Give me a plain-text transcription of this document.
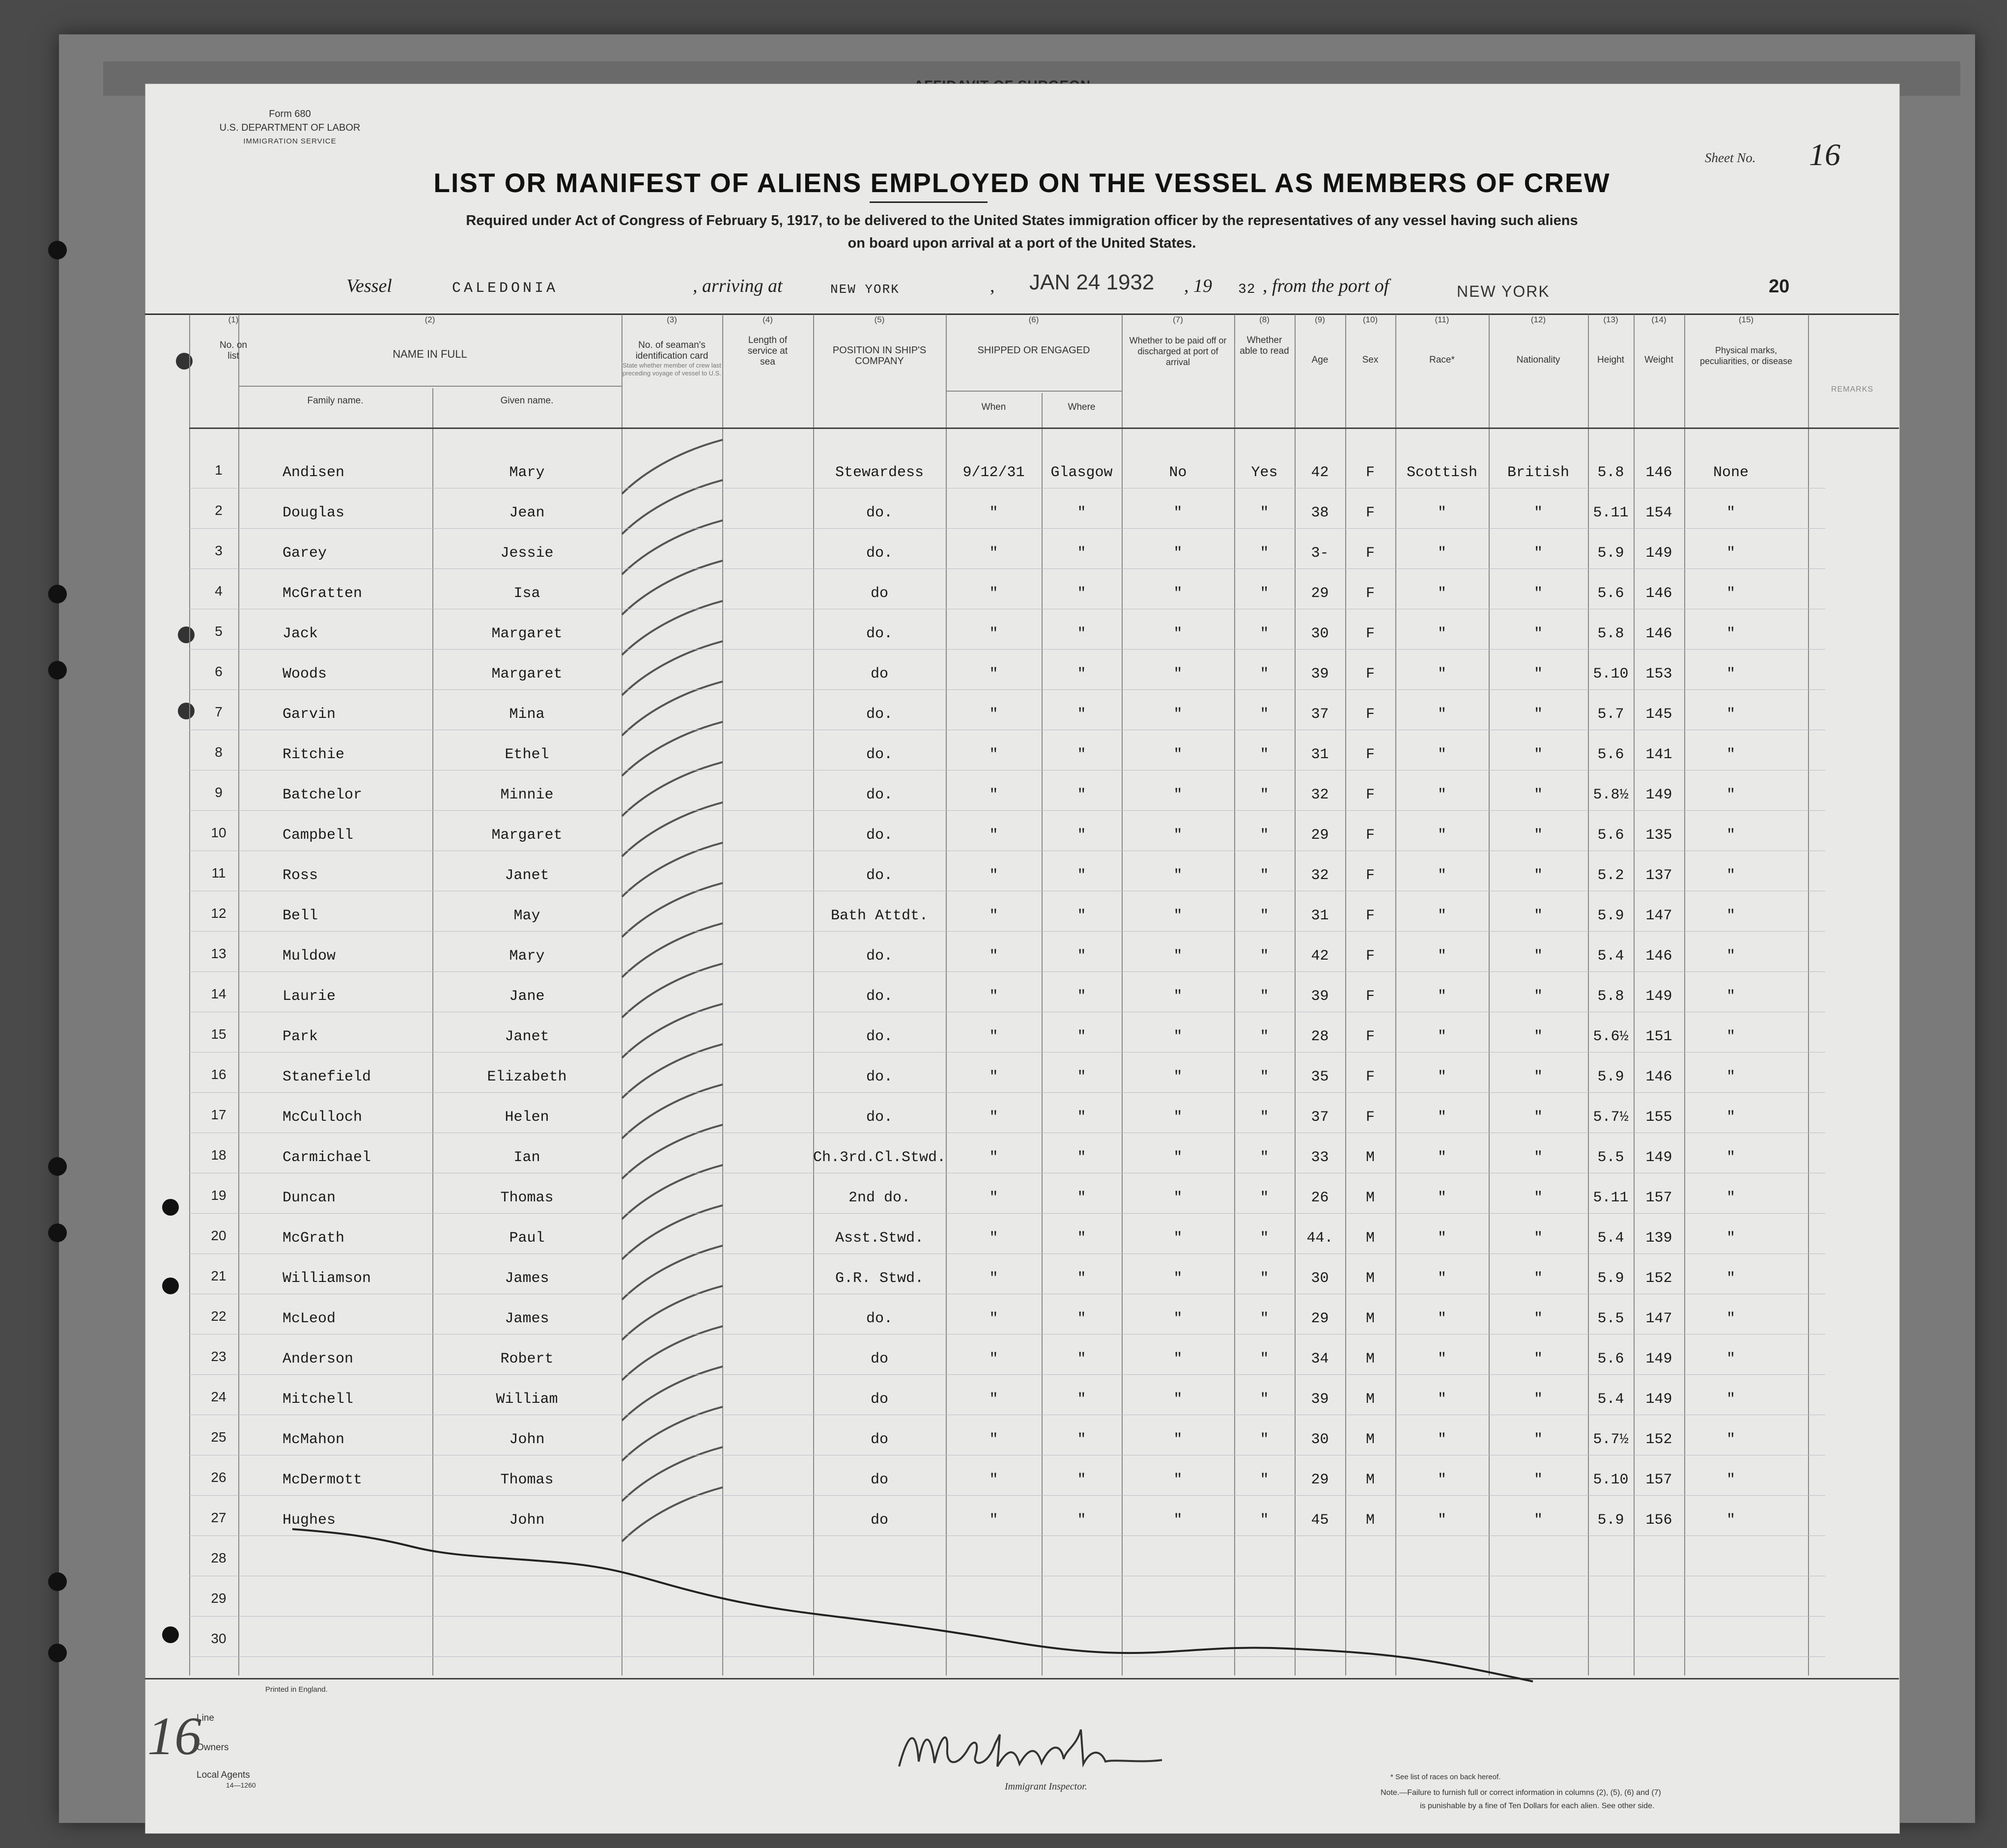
Form 680
U.S. DEPARTMENT OF LABOR
IMMIGRATION SERVICE
Sheet No. 16
LIST OR MANIFEST OF ALIENS EMPLOYED ON THE VESSEL AS MEMBERS OF CREW
Required under Act of Congress of February 5, 1917, to be delivered to the United States immigration officer by the representatives of any vessel having such aliens
on board upon arrival at a port of the United States.
Vessel	CALEDONIA	, arriving at	NEW YORK	, JAN 24 1932 , 19 32 , from the port of	NEW YORK	20
(1)
No. on list
(2)
NAME IN FULL
Family name.	Given name.
(3)
No. of seaman's identification card
State whether member of crew last preceding voyage of vessel to U.S.
(4)
Length of service at sea
(5)
POSITION IN SHIP'S COMPANY
(6)
SHIPPED OR ENGAGED
When	Where
(7)
Whether to be paid off or discharged at port of arrival
(8)
Whether able to read
(9)
Age
(10)
Sex
(11)
Race*
(12)
Nationality
(13)
Height
(14)
Weight
(15)
Physical marks, peculiarities, or disease
REMARKS
1	Andisen	Mary	Stewardess	9/12/31	Glasgow	No	Yes	42	F	Scottish	British	5.8	146	None
2	Douglas	Jean	do.	"	"	"	"	38	F	"	"	5.11	154	"
3	Garey	Jessie	do.	"	"	"	"	3-	F	"	"	5.9	149	"
4	McGratten	Isa	do	"	"	"	"	29	F	"	"	5.6	146	"
5	Jack	Margaret	do.	"	"	"	"	30	F	"	"	5.8	146	"
6	Woods	Margaret	do	"	"	"	"	39	F	"	"	5.10	153	"
7	Garvin	Mina	do.	"	"	"	"	37	F	"	"	5.7	145	"
8	Ritchie	Ethel	do.	"	"	"	"	31	F	"	"	5.6	141	"
9	Batchelor	Minnie	do.	"	"	"	"	32	F	"	"	5.8½	149	"
10	Campbell	Margaret	do.	"	"	"	"	29	F	"	"	5.6	135	"
11	Ross	Janet	do.	"	"	"	"	32	F	"	"	5.2	137	"
12	Bell	May	Bath Attdt.	"	"	"	"	31	F	"	"	5.9	147	"
13	Muldow	Mary	do.	"	"	"	"	42	F	"	"	5.4	146	"
14	Laurie	Jane	do.	"	"	"	"	39	F	"	"	5.8	149	"
15	Park	Janet	do.	"	"	"	"	28	F	"	"	5.6½	151	"
16	Stanefield	Elizabeth	do.	"	"	"	"	35	F	"	"	5.9	146	"
17	McCulloch	Helen	do.	"	"	"	"	37	F	"	"	5.7½	155	"
18	Carmichael	Ian	Ch.3rd.Cl.Stwd.	"	"	"	"	33	M	"	"	5.5	149	"
19	Duncan	Thomas	2nd do.	"	"	"	"	26	M	"	"	5.11	157	"
20	McGrath	Paul	Asst.Stwd.	"	"	"	"	44.	M	"	"	5.4	139	"
21	Williamson	James	G.R. Stwd.	"	"	"	"	30	M	"	"	5.9	152	"
22	McLeod	James	do.	"	"	"	"	29	M	"	"	5.5	147	"
23	Anderson	Robert	do	"	"	"	"	34	M	"	"	5.6	149	"
24	Mitchell	William	do	"	"	"	"	39	M	"	"	5.4	149	"
25	McMahon	John	do	"	"	"	"	30	M	"	"	5.7½	152	"
26	McDermott	Thomas	do	"	"	"	"	29	M	"	"	5.10	157	"
27	Hughes	John	do	"	"	"	"	45	M	"	"	5.9	156	"
28
29
30
Printed in England.
Line
Owners
Local Agents
14—1260
16
Immigrant Inspector.
* See list of races on back hereof.
Note.—Failure to furnish full or correct information in columns (2), (5), (6) and (7)
is punishable by a fine of Ten Dollars for each alien. See other side.
